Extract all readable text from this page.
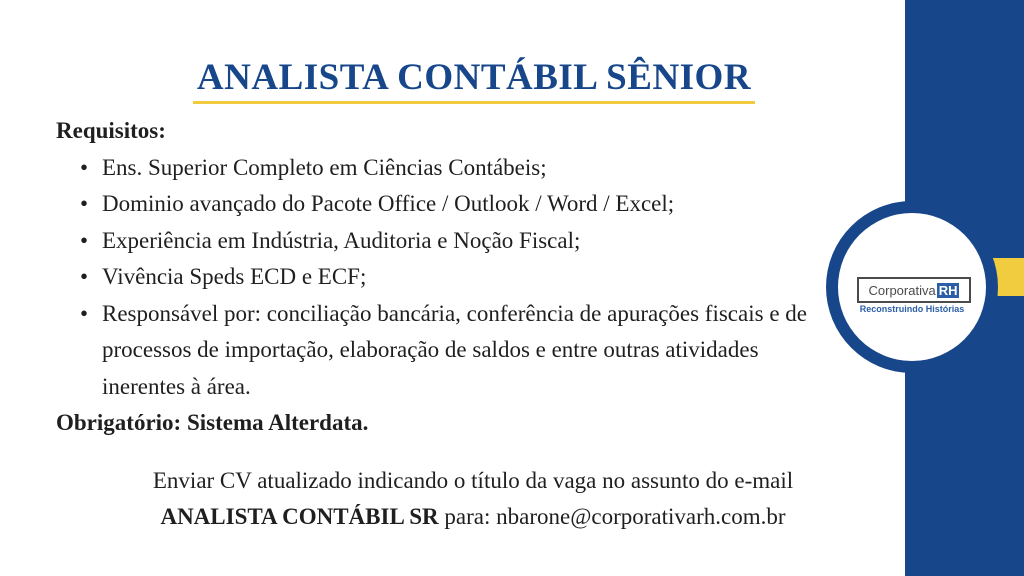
Corporativa RH
Reconstruindo Histórias
ANALISTA CONTÁBIL SÊNIOR
Requisitos:
• Ens. Superior Completo em Ciências Contábeis;
• Dominio avançado do Pacote Office / Outlook / Word / Excel;
• Experiência em Indústria, Auditoria e Noção Fiscal;
• Vivência Speds ECD e ECF;
• Responsável por: conciliação bancária, conferência de apurações fiscais e de processos de importação, elaboração de saldos e entre outras atividades inerentes à área.
Obrigatório: Sistema Alterdata.
Enviar CV atualizado indicando o título da vaga no assunto do e-mail
ANALISTA CONTÁBIL SR para: nbarone@corporativarh.com.br
